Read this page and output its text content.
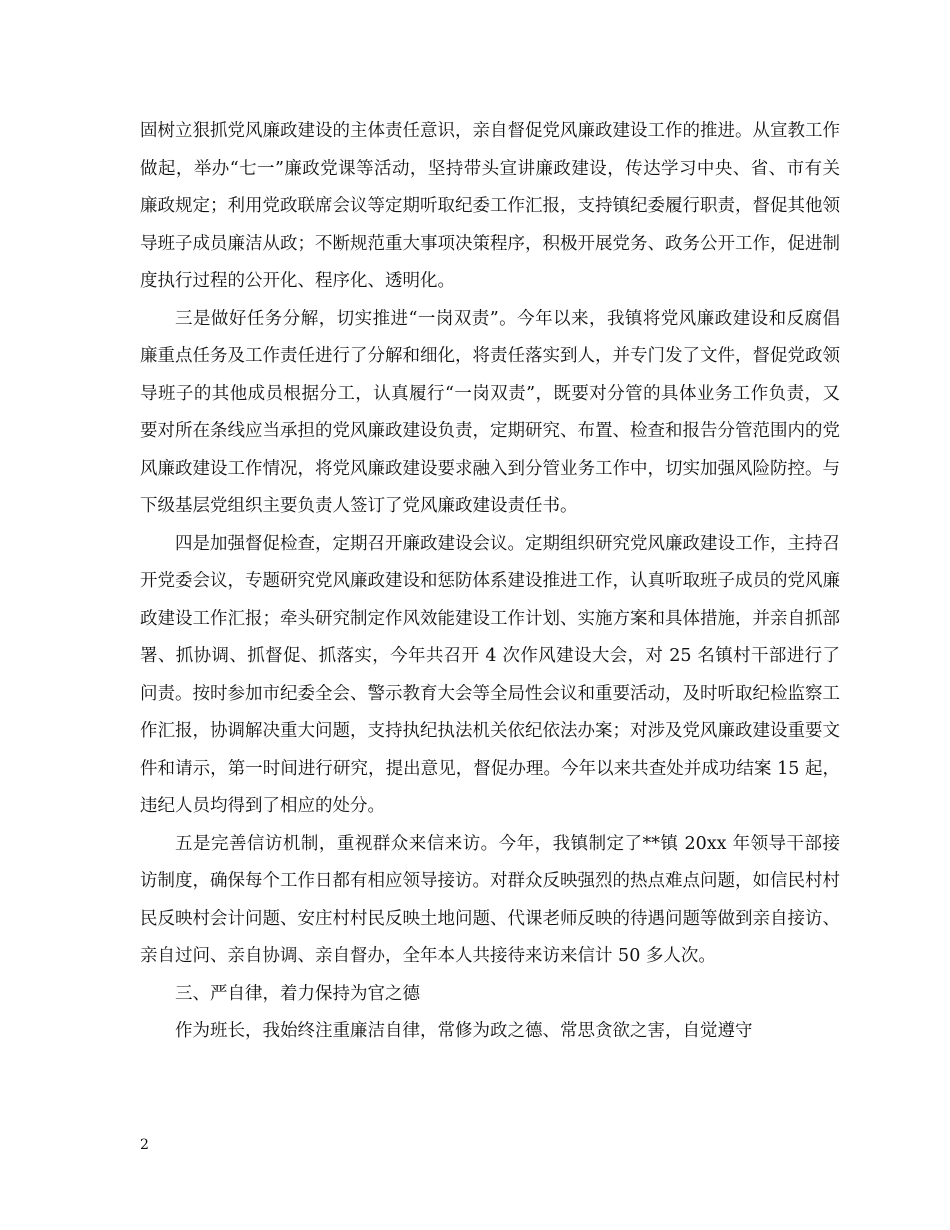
固树立狠抓党风廉政建设的主体责任意识，亲自督促党风廉政建设工作的推进。从宣教工作做起，举办“七一”廉政党课等活动，坚持带头宣讲廉政建设，传达学习中央、省、市有关廉政规定；利用党政联席会议等定期听取纪委工作汇报，支持镇纪委履行职责，督促其他领导班子成员廉洁从政；不断规范重大事项决策程序，积极开展党务、政务公开工作，促进制度执行过程的公开化、程序化、透明化。

三是做好任务分解，切实推进“一岗双责”。今年以来，我镇将党风廉政建设和反腐倡廉重点任务及工作责任进行了分解和细化，将责任落实到人，并专门发了文件，督促党政领导班子的其他成员根据分工，认真履行“一岗双责”，既要对分管的具体业务工作负责，又要对所在条线应当承担的党风廉政建设负责，定期研究、布置、检查和报告分管范围内的党风廉政建设工作情况，将党风廉政建设要求融入到分管业务工作中，切实加强风险防控。与下级基层党组织主要负责人签订了党风廉政建设责任书。

四是加强督促检查，定期召开廉政建设会议。定期组织研究党风廉政建设工作，主持召开党委会议，专题研究党风廉政建设和惩防体系建设推进工作，认真听取班子成员的党风廉政建设工作汇报；牵头研究制定作风效能建设工作计划、实施方案和具体措施，并亲自抓部署、抓协调、抓督促、抓落实，今年共召开 4 次作风建设大会，对 25 名镇村干部进行了问责。按时参加市纪委全会、警示教育大会等全局性会议和重要活动，及时听取纪检监察工作汇报，协调解决重大问题，支持执纪执法机关依纪依法办案；对涉及党风廉政建设重要文件和请示，第一时间进行研究，提出意见，督促办理。今年以来共查处并成功结案 15 起，违纪人员均得到了相应的处分。

五是完善信访机制，重视群众来信来访。今年，我镇制定了**镇 20xx 年领导干部接访制度，确保每个工作日都有相应领导接访。对群众反映强烈的热点难点问题，如信民村村民反映村会计问题、安庄村村民反映土地问题、代课老师反映的待遇问题等做到亲自接访、亲自过问、亲自协调、亲自督办，全年本人共接待来访来信计 50 多人次。

三、严自律，着力保持为官之德

作为班长，我始终注重廉洁自律，常修为政之德、常思贪欲之害，自觉遵守

2
